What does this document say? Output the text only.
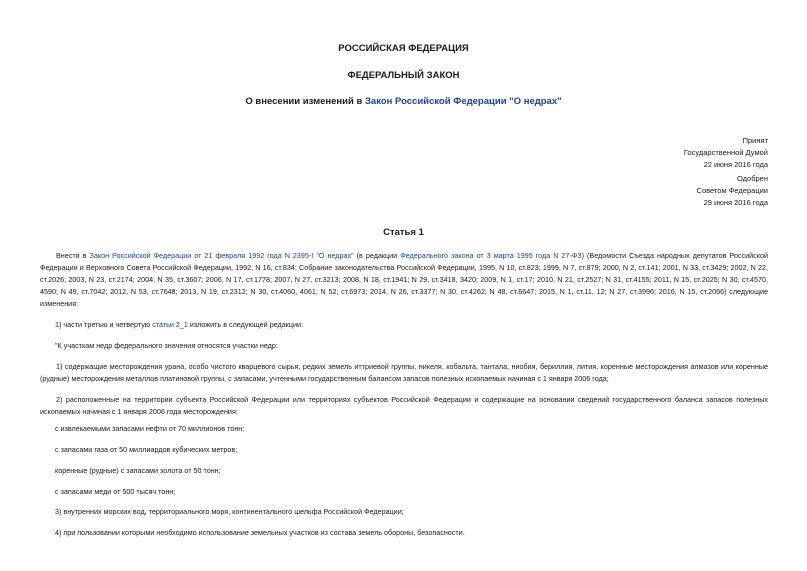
РОССИЙСКАЯ ФЕДЕРАЦИЯ
ФЕДЕРАЛЬНЫЙ ЗАКОН
О внесении изменений в Закон Российской Федерации "О недрах"
Принят
Государственной Думой
22 июня 2016 года
Одобрен
Советом Федерации
29 июня 2016 года
Статья 1
Внести в Закон Российской Федерации от 21 февраля 1992 года N 2395-I "О недрах" (в редакции Федерального закона от 3 марта 1995 года N 27-ФЗ) (Ведомости Съезда народных депутатов Российской Федерации и Верховного Совета Российской Федерации, 1992, N 16, ст.834; Собрание законодательства Российской Федерации, 1995, N 10, ст.823; 1999, N 7, ст.879; 2000, N 2, ст.141; 2001, N 33, ст.3429; 2002, N 22, ст.2026; 2003, N 23, ст.2174; 2004, N 35, ст.3607; 2006, N 17, ст.1778; 2007, N 27, ст.3213; 2008, N 18, ст.1941; N 29, ст.3418, 3420; 2009, N 1, ст.17; 2010, N 21, ст.2527; N 31, ст.4155; 2011, N 15, ст.2025; N 30, ст.4570, 4590; N 49, ст.7042; 2012, N 53, ст.7648; 2013, N 19, ст.2312; N 30, ст.4060, 4061; N 52, ст.6973; 2014, N 26, ст.3377; N 30, ст.4262; N 48, ст.6647; 2015, N 1, ст.11, 12; N 27, ст.3996; 2016, N 15, ст.2066) следующие изменения:
1) части третью и четвертую статьи 2_1 изложить в следующей редакции:
"К участкам недр федерального значения относятся участки недр:
1) содержащие месторождения урана, особо чистого кварцевого сырья, редких земель иттриевой группы, никеля, кобальта, тантала, ниобия, бериллия, лития, коренные месторождения алмазов или коренные (рудные) месторождения металлов платиновой группы, с запасами, учтенными государственным балансом запасов полезных ископаемых начиная с 1 января 2006 года;
2) расположенные на территории субъекта Российской Федерации или территориях субъектов Российской Федерации и содержащие на основании сведений государственного баланса запасов полезных ископаемых начиная с 1 января 2006 года месторождения:
с извлекаемыми запасами нефти от 70 миллионов тонн;
с запасами газа от 50 миллиардов кубических метров;
коренные (рудные) с запасами золота от 50 тонн;
с запасами меди от 500 тысяч тонн;
3) внутренних морских вод, территориального моря, континентального шельфа Российской Федерации;
4) при пользовании которыми необходимо использование земельных участков из состава земель обороны, безопасности.
